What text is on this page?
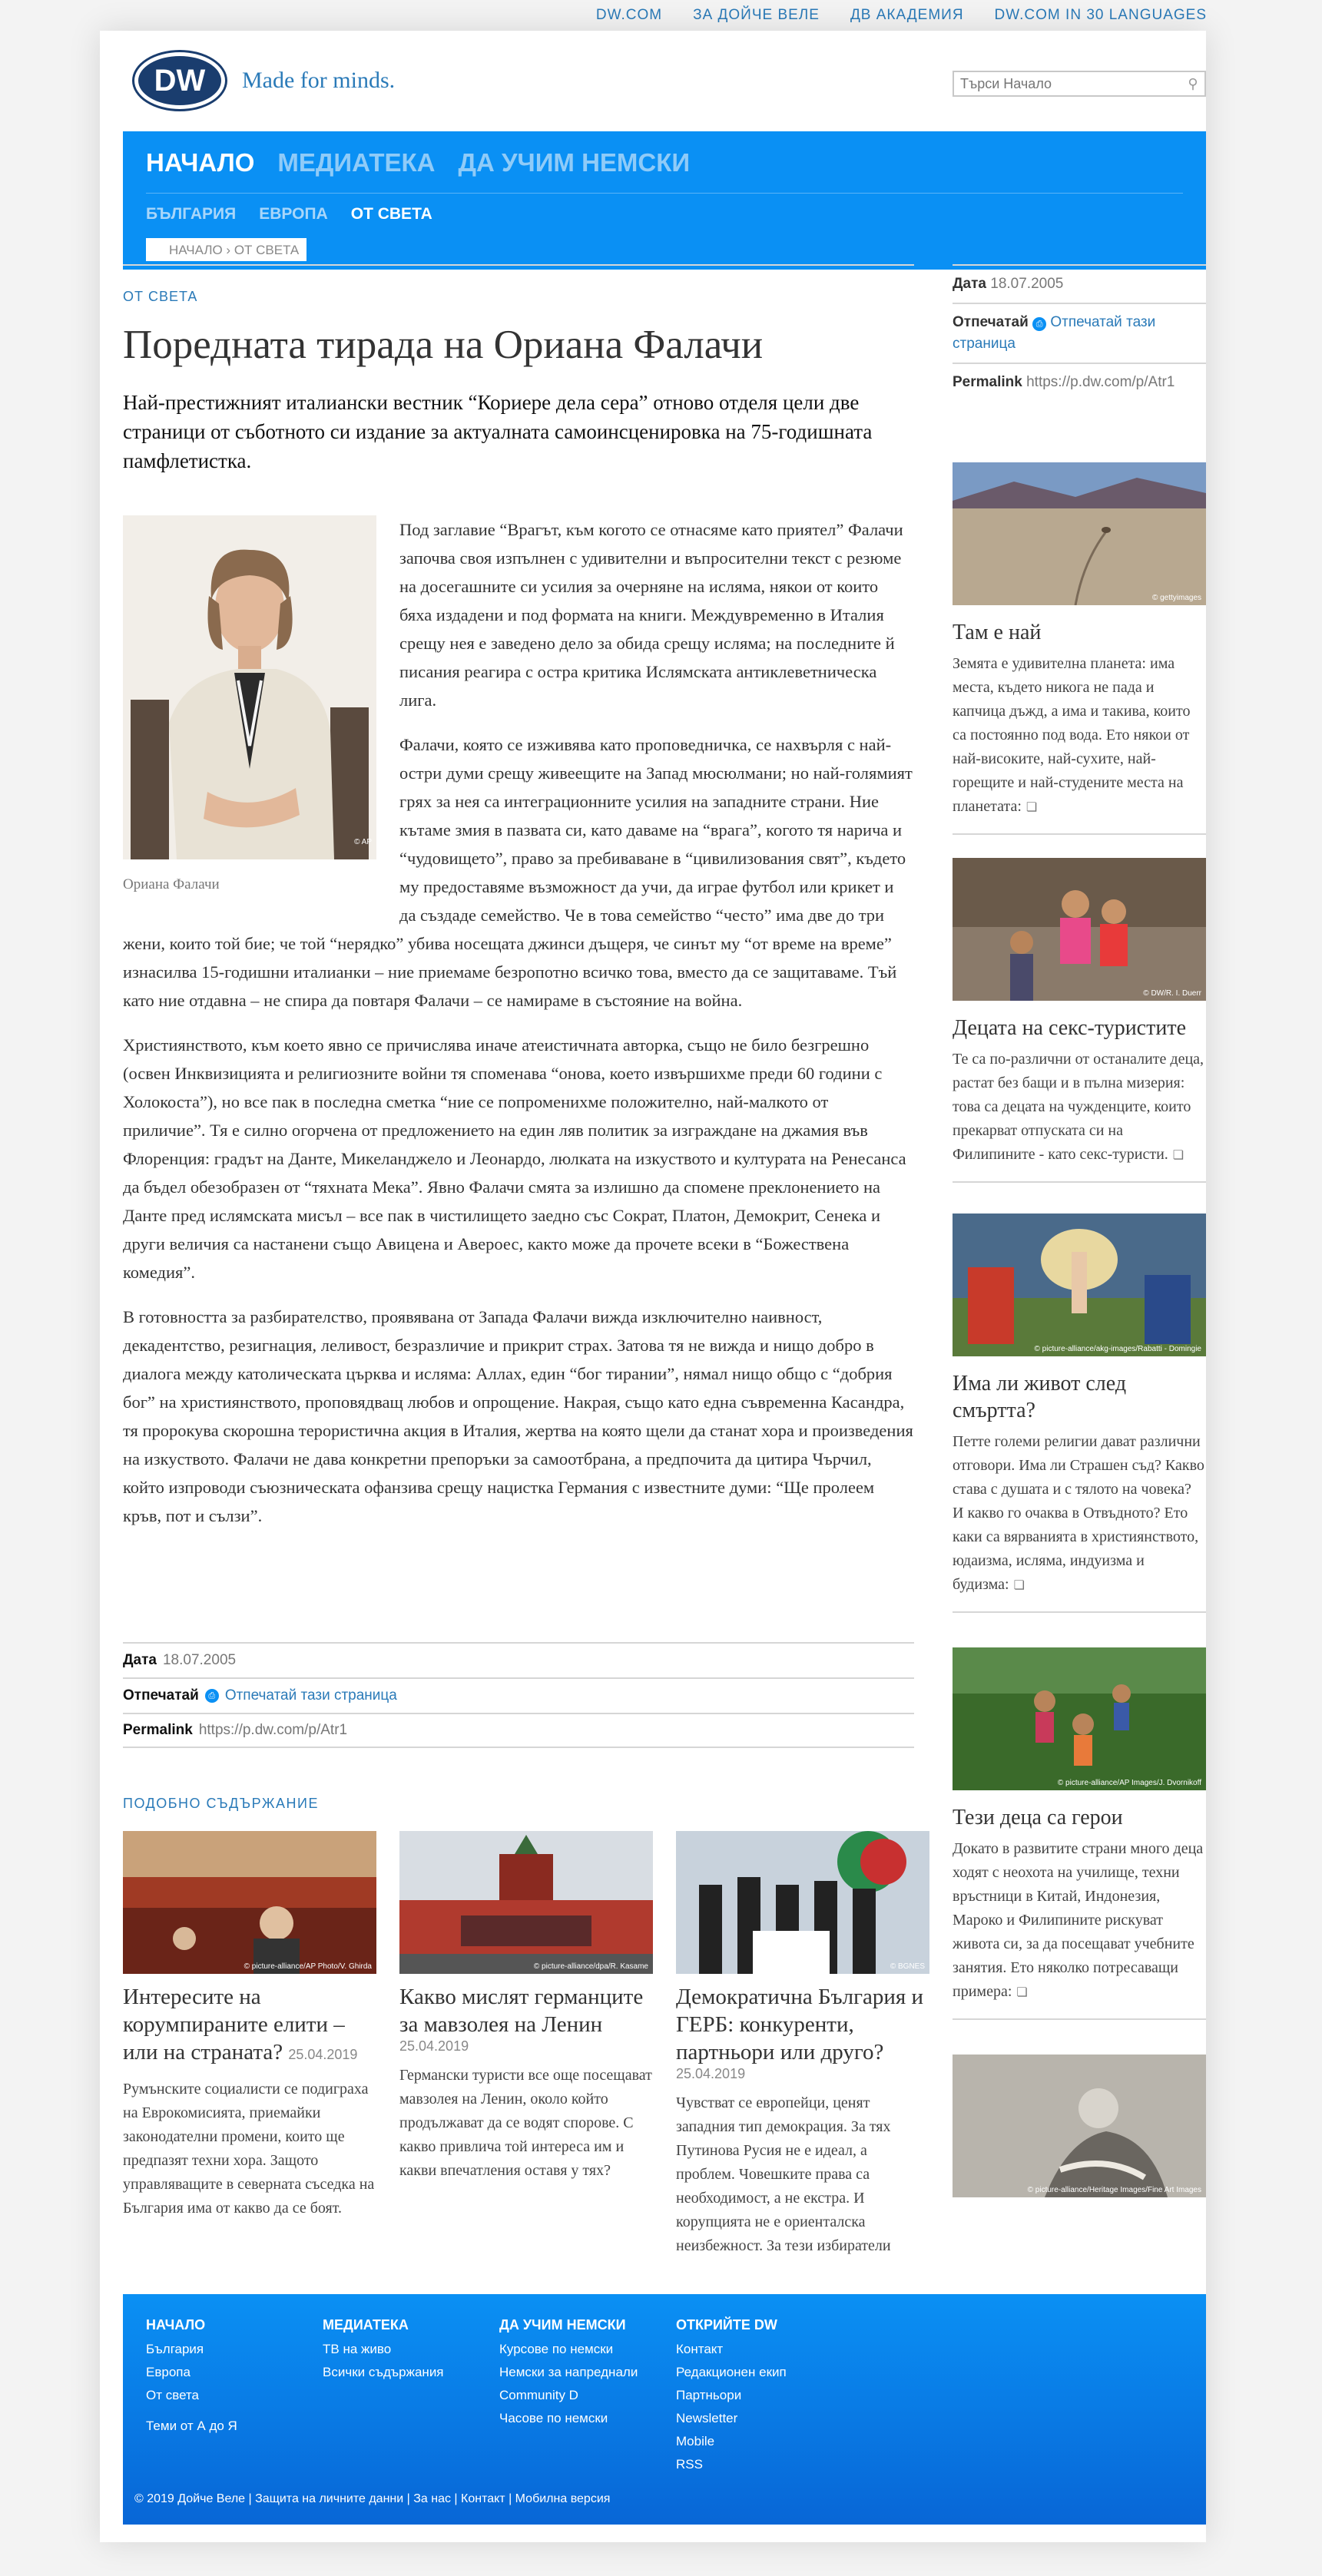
DW.COM ЗА ДОЙЧЕ ВЕЛЕ ДВ АКАДЕМИЯ DW.COM IN 30 LANGUAGES
DW	Made for minds.
Търси Начало	⚲
НАЧАЛО МЕДИАТЕКА ДА УЧИМ НЕМСКИ
БЪЛГАРИЯ ЕВРОПА ОТ СВЕТА
НАЧАЛО › ОТ СВЕТА
ОТ СВЕТА
Поредната тирада на Ориана Фалачи
Най-престижният италиански вестник “Кориере дела сера” отново отделя цели две страници от съботното си издание за актуалната самоинсценировка на 75-годишната памфлетистка.
© AP
Ориана Фалачи

Под заглавие “Врагът, към когото се отнасяме като приятел” Фалачи започва своя изпълнен с удивителни и въпросителни текст с резюме на досегашните си усилия за очерняне на исляма, някои от които бяха издадени и под формата на книги. Междувременно в Италия срещу нея е заведено дело за обида срещу исляма; на последните й писания реагира с остра критика Ислямската антиклеветническа лига.

Фалачи, която се изживява като проповедничка, се нахвърля с най-остри думи срещу живеещите на Запад мюсюлмани; но най-голямият грях за нея са интеграционните усилия на западните страни. Ние кътаме змия в пазвата си, като даваме на “врага”, когото тя нарича и “чудовището”, право за пребиваване в “цивилизования свят”, където му предоставяме възможност да учи, да играе футбол или крикет и да създаде семейство. Че в това семейство “често” има две до три жени, които той бие; че той “нерядко” убива носещата джинси дъщеря, че синът му “от време на време” изнасилва 15-годишни италианки – ние приемаме безропотно всичко това, вместо да се защитаваме. Тъй като ние отдавна – не спира да повтаря Фалачи – се намираме в състояние на война.

Християнството, към което явно се причислява иначе атеистичната авторка, също не било безгрешно (освен Инквизицията и религиозните войни тя споменава “онова, което извършихме преди 60 години с Холокоста”), но все пак в последна сметка “ние се попромених​ме положително, най-малкото от приличие”. Тя е силно огорчена от предложението на един ляв политик за изграждане на джамия във Флоренция: градът на Данте, Микеланджело и Леонардо, люлката на изкуството и културата на Ренесанса да бъдел обезобразен от “тяхната Мека”. Явно Фалачи смята за излишно да спомене преклонението на Данте пред ислямската мисъл – все пак в чистилището заедно със Сократ, Платон, Демокрит, Сенека и други величия са настанени също Авицена и Авероес, както може да прочете всеки в “Божествена комедия”.

В готовността за разбирателство, проявявана от Запада Фалачи вижда изключително наивност, декадентство, резигнация, леливост, безразличие и прикрит страх. Затова тя не вижда и нищо добро в диалога между католическата църква и исляма: Аллах, един “бог тирании”, нямал нищо общо с “добрия бог” на християнството, проповядващ любов и опрощение. Накрая, също като една съвременна Касандра, тя пророкува скорошна терористична акция в Италия, жертва на която щели да станат хора и произведения на изкуството. Фалачи не дава конкретни препоръки за самоотбрана, а предпочита да цитира Чърчил, който изпроводи съюзническата офанзива срещу нацистка Германия с известните думи: “Ще пролеем кръв, пот и сълзи”.

Дата 18.07.2005
Отпечатай	⎙ Отпечатай тази страница
Permalink https://p.dw.com/p/Atr1
ПОДОБНО СЪДЪРЖАНИЕ
© picture-alliance/AP Photo/V. Ghirda
Интересите на корумпираните елити – или на страната? 25.04.2019

Румънските социалисти се подиграха на Еврокомисията, приемайки законодателни промени, които ще предпазят техни хора. Защото управляващите в северната съседка на България има от какво да се боят.

© picture-alliance/dpa/R. Kasame
Какво мислят германците за мавзолея на Ленин
25.04.2019

Германски туристи все още посещават мавзолея на Ленин, около който продължават да се водят спорове. С какво привлича той интереса им и какви впечатления оставя у тях?

© BGNES
Демократична България и ГЕРБ: конкуренти, партньори или друго?
25.04.2019

Чувстват се европейци, ценят западния тип демокрация. За тях Путинова Русия не е идеал, а проблем. Човешките права са необходимост, а не екстра. И корупцията не е ориенталска неизбежност. За тези избиратели

Дата 18.07.2005
Отпечатай ⎙ Отпечатай тази страница
Permalink https://p.dw.com/p/Atr1
© gettyimages
Там е най

Земята е удивителна планета: има места, където никога не пада и капчица дъжд, а има и такива, които са постоянно под вода. Ето някои от най-високите, най-сухите, най-горещите и най-студените места на планетата: ❏

© DW/R. I. Duerr
Децата на секс-туристите

Те са по-различни от останалите деца, растат без бащи и в пълна мизерия: това са децата на чужденците, които прекарват отпуската си на Филипините - като секс-туристи. ❏

© picture-alliance/akg-images/Rabatti - Domingie
Има ли живот след смъртта?

Петте големи религии дават различни отговори. Има ли Страшен съд? Какво става с душата и с тялото на човека? И какво го очаква в Отвъдното? Ето каки са вярванията в християнството, юдаизма, исляма, индуизма и будизма: ❏

© picture-alliance/AP Images/J. Dvornikoff
Тези деца са герои

Докато в развитите страни много деца ходят с неохота на училище, техни връстници в Китай, Индонезия, Мароко и Филипините рискуват живота си, за да посещават учебните занятия. Ето няколко потресаващи примера: ❏

© picture-alliance/Heritage Images/Fine Art Images
НАЧАЛО
България
Европа
От света
МЕДИАТЕКА
ТВ на живо
Всички съдържания
ДА УЧИМ НЕМСКИ
Курсове по немски
Немски за напреднали
Community D
Часове по немски
ОТКРИЙТЕ DW
Контакт
Редакционен екип
Партньори
Newsletter
Mobile
RSS
Теми от А до Я
© 2019 Дойче Веле | Защита на личните данни | За нас | Контакт | Мобилна версия
